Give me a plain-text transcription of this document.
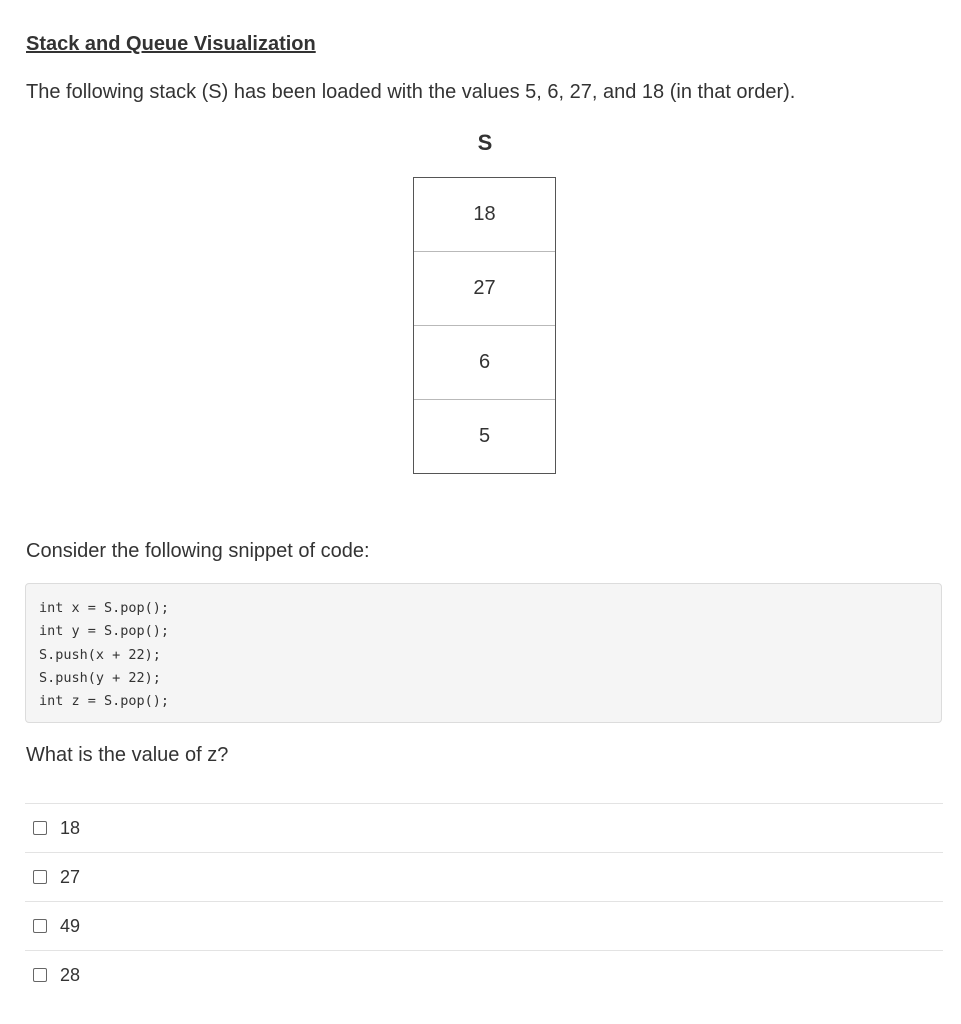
Stack and Queue Visualization

The following stack (S) has been loaded with the values 5, 6, 27, and 18 (in that order).

S
18
27
6
5

Consider the following snippet of code:

int x = S.pop();
int y = S.pop();
S.push(x + 22);
S.push(y + 22);
int z = S.pop();

What is the value of z?

18
27
49
28
